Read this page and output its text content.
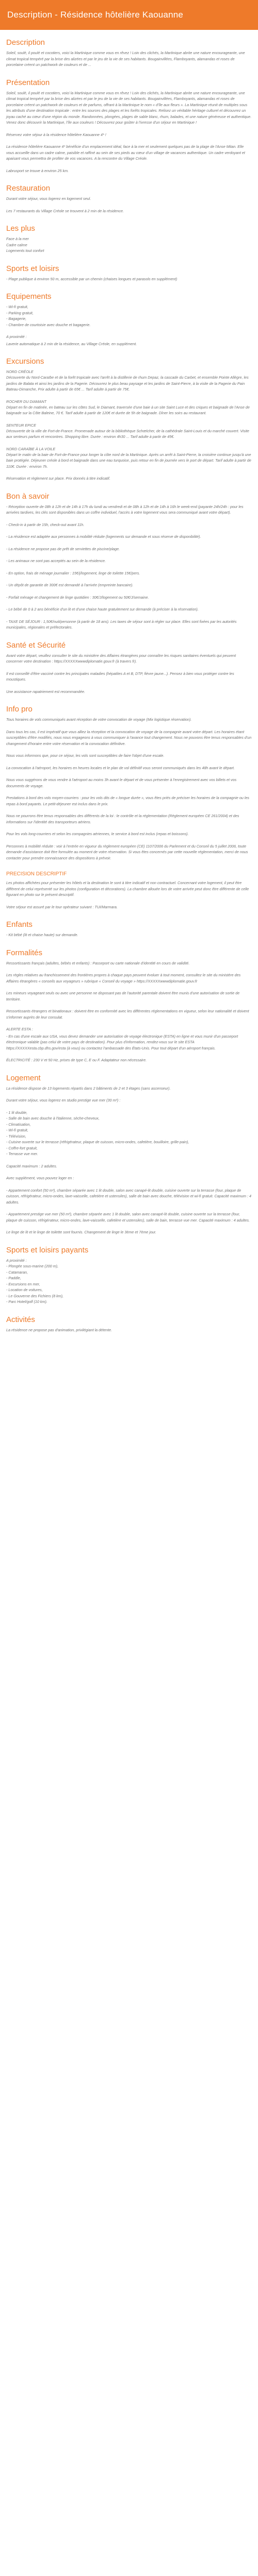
Description - Résidence hôtelière Kaouanne
Description

Soleil, soulé, il poulé et cocotiers, voici la Martinique comme vous en rêvez ! Loin des clichés, la Martinique abrite une nature encourageante, une climat tropical tempéré par la brise des alizées et par le jeu de la vie de ses habitants. Bougainvillées, Flamboyants, alamandas et roses de porcelaine créent un patchwork de couleurs et de ...

Présentation

Soleil, soulé, il poulé et cocotiers, voici la Martinique comme vous en rêvez ! Loin des clichés, la Martinique abrite une nature encourageante, une climat tropical tempéré par la brise des alizées et par le jeu de la vie de ses habitants. Bougainvillées, Flamboyants, alamandas et roses de porcelaine créent un patchwork de couleurs et de parfums, offrant à la Martinique le nom « d'île aux fleurs ». La Martinique réunit de multiples sous les attributs d'une destination tropicale : entre les sources des plages et les forêts tropicales. Relisez un véritable héritage culturel et découvrez un joyau caché au cœur d'une région du monde. Randonnées, plongées, plages de sable blanc, rhum, balades, et une nature généreuse et authentique. Venez donc découvrir la Martinique, l'île aux couleurs ! Découvrez pour goûter à l'ivresse d'un séjour en Martinique !

Réservez votre séjour à la résidence hôtelière Kaouanne 4* !

La résidence hôtelière Kaouanne 4* bénéficie d'un emplacement idéal, face à la mer et seulement quelques pas de la plage de l'Anse Mitan. Elle vous accueille dans un cadre calme, paisible et raffiné au sein de ses pieds au cœur d'un village de vacances authentique. Un cadre verdoyant et apaisant vous permettra de profiter de vos vacances. A la rencontre du Village Créole.

Labrusport se trouve à environ 25 km.

Restauration

Durant votre séjour, vous logerez en logement seul.

Les 7 restaurants du Village Créole se trouvent à 2 min de la résidence.

Les plus
Face à la mer
Cadre calme
Logements tout confort
Sports et loisirs
- Plage publique à environ 50 m, accessible par un chemin (chaises longues et parasols en supplément)
Equipements
- Wi-fi gratuit,
- Parking gratuit,
- Bagagerie,
- Chambre de courtoisie avec douche et bagagerie.

A proximité :

Laverie automatique à 2 min de la résidence, au Village Créole, en supplément.

Excursions
NORD CRÉOLE

Découverte du Nord-Caraïbe et de la forêt tropicale avec l'arrêt à la distillerie de rhum Depaz, la cascade du Carbet, et ensemble Pointe Allègre, les jardins de Balata et ainsi les jardins de la Pagerie. Découvrez le plus beau paysage et les jardins de Saint-Pierre, à la visite de la Pagerie du Pain Bateau-Dimanche, Prix adulte à partir de 65€ ... Tarif adulte à partir de 75€.

ROCHER DU DIAMANT

Départ en fin de matinée, en bateau sur les côtes Sud, le Diamant, traversée d'une baie à un site Saint Luce et des criques et baignade de l'Anse de baignade sur la Côte Baleine, 70 €. Tarif adulte à partir de 120€ et durée de 5h de baignade. Dîner les soirs au restaurant.

SENTEUR EPICE

Découverte de la ville de Fort-de-France. Promenade autour de la bibliothèque Schœlcher, de la cathédrale Saint-Louis et du marché couvert. Visite aux senteurs parfum et rencontres. Shopping libre. Durée : environ 4h30 ... Tarif adulte à partir de 45€.

NORD CARAÏBE À LA VOILE

Départ le matin de la baie de Fort-de-France pour longer la côte nord de la Martinique. Après un arrêt à Saint-Pierre, la croisière continue jusqu'à une baie protégée. Déjeuner créole à bord et baignade dans une eau turquoise, puis retour en fin de journée vers le port de départ. Tarif adulte à partir de 110€. Durée : environ 7h.

Réservation et règlement sur place. Prix donnés à titre indicatif.

Bon à savoir

- Réception ouverte de 08h à 12h et de 14h à 17h du lundi au vendredi et de 08h à 12h et de 14h à 16h le week-end (payante 24h/24h : pour les arrivées tardives, les clés sont disponibles dans un coffre individuel, l'accès à votre logement vous sera communiqué avant votre départ).

- Check-in à partir de 15h, check-out avant 11h.

- La résidence est adaptée aux personnes à mobilité réduite (logements sur demande et sous réserve de disponibilité).

- La résidence ne propose pas de prêt de serviettes de piscine/plage.

- Les animaux ne sont pas acceptés au sein de la résidence.

- En option, frais de ménage journalier : 15€/j/logement, linge de toilette 15€/pers.

- Un dépôt de garantie de 300€ est demandé à l'arrivée (empreinte bancaire).

- Forfait ménage et changement de linge quotidien : 30€/J/logement ou 50€/J/semaine.

- Le bébé de 0 à 2 ans bénéficie d'un lit et d'une chaise haute gratuitement sur demande (à préciser à la réservation).

- TAXE DE SÉJOUR : 1,50€/nuit/personne (à partir de 18 ans). Les taxes de séjour sont à régler sur place. Elles sont fixées par les autorités municipales, régionales et préfectorales.

Santé et Sécurité

Avant votre départ, veuillez consulter le site du ministère des Affaires étrangères pour connaître les risques sanitaires éventuels qui peuvent concerner votre destination : https://XXXXXwwwdiplomatie.gouv.fr (à travers fr).

Il est conseillé d'être vacciné contre les principales maladies (hépatites A et B, DTP, fièvre jaune...). Pensez à bien vous protéger contre les moustiques.

Une assistance rapatriement est recommandée.

Info pro

Tous horaires de vols communiqués avant réception de votre convocation de voyage (Mix logistique réservation).

Dans tous les cas, il est impératif que vous alliez la réception et la convocation de voyage de la compagnie avant votre départ. Les horaires étant susceptibles d'être modifiés, nous nous engageons à vous communiquer à l'avance tout changement. Nous ne pouvons être tenus responsables d'un changement d'horaire entre votre réservation et la convocation définitive.

Nous vous informons que, pour ce séjour, les vols sont susceptibles de faire l'objet d'une escale.

La convocation à l'aéroport, les horaires en heures locales et le plan de vol définitif vous seront communiqués dans les 48h avant le départ.

Nous vous suggérons de vous rendre à l'aéroport au moins 3h avant le départ et de vous présenter à l'enregistrement avec vos billets et vos documents de voyage.

Prestations à bord des vols moyen-courriers : pour les vols dits de « longue durée », vous êtes priés de préciser les horaires de la compagnie ou les repas à bord payants. Le petit-déjeuner est inclus dans le prix.

Nous ne pourrons être tenus responsables des différents de la loi : le contrôle et la réglementation (Règlement européen CE 261/2004) et des informations sur l'identité des transporteurs aériens.

Pour les vols long-courriers et selon les compagnies aériennes, le service à bord est inclus (repas et boissons).

Personnes à mobilité réduite : voir à l'entrée en vigueur du règlement européen (CE) 1107/2006 du Parlement et du Conseil du 5 juillet 2006, toute demande d'assistance doit être formulée au moment de votre réservation. Si vous êtes concernés par cette nouvelle réglementation, merci de nous contacter pour prendre connaissance des dispositions à prévoir.

PRECISION DESCRIPTIF

Les photos affichées pour présenter les hôtels et la destination le sont à titre indicatif et non contractuel. Concernant votre logement, il peut être différent de celui représenté sur les photos (configuration et décorations). La chambre allouée lors de votre arrivée peut donc être différente de celle figurant en photo sur le présent descriptif.

Votre séjour est assuré par le tour opérateur suivant : TUI/Marmara.

Enfants

- Kit bébé (lit et chaise haute) sur demande.

Formalités

Ressortissants français (adultes, bébés et enfants) : Passeport ou carte nationale d'identité en cours de validité.

Les règles relatives au franchissement des frontières propres à chaque pays peuvent évoluer à tout moment, consultez le site du ministère des Affaires étrangères « conseils aux voyageurs » rubrique « Conseil du voyage » https://XXXXXwwwdiplomatie.gouv.fr

Les mineurs voyageant seuls ou avec une personne ne disposant pas de l'autorité parentale doivent être munis d'une autorisation de sortie de territoire.

Ressortissants étrangers et binationaux : doivent être en conformité avec les différentes réglementations en vigueur, selon leur nationalité et doivent s'informer auprès de leur consulat.

ALERTE ESTA :

- En cas d'une escale aux USA, vous devez demander une autorisation de voyage électronique (ESTA) en ligne et vous munir d'un passeport électronique valable (pas celui de votre pays de destination). Pour plus d'information, rendez-vous sur le site ESTA https://XXXXXesta.cbp.dhs.gov/esta (à vous) ou contactez l'ambassade des États-Unis. Pour tout départ d'un aéroport français.

ÉLECTRICITÉ : 230 V et 50 Hz, prises de type C, E ou F. Adaptateur non nécessaire.

Logement

La résidence dispose de 13 logements répartis dans 2 bâtiments de 2 et 3 étages (sans ascenseur).

Durant votre séjour, vous logerez en studio prestige vue mer (30 m²) :

- 1 lit double,
- Salle de bain avec douche à l'italienne, sèche-cheveux,
- Climatisation,
- Wi-fi gratuit,
- Télévision,
- Cuisine ouverte sur le terrasse (réfrigérateur, plaque de cuisson, micro-ondes, cafetière, bouilloire, grille-pain),
- Coffre-fort gratuit,
- Terrasse vue mer.

Capacité maximum : 2 adultes.

Avec supplément, vous pouvez loger en :

- Appartement confort (50 m²), chambre séparée avec 1 lit double, salon avec canapé-lit double, cuisine ouverte sur la terrasse (four, plaque de cuisson, réfrigérateur, micro-ondes, lave-vaisselle, cafetière et ustensiles), salle de bain avec douche, télévision et wi-fi gratuit. Capacité maximum : 4 adultes.

- Appartement prestige vue mer (50 m²), chambre séparée avec 1 lit double, salon avec canapé-lit double, cuisine ouverte sur la terrasse (four, plaque de cuisson, réfrigérateur, micro-ondes, lave-vaisselle, cafetière et ustensiles), salle de bain, terrasse vue mer. Capacité maximum : 4 adultes.

Le linge de lit et le linge de toilette sont fournis. Changement de linge le 3ème et 7ème jour.

Sports et loisirs payants
A proximité :
- Plongée sous-marine (200 m),
- Catamaran,
- Paddle,
- Excursions en mer,
- Location de voitures,
- Le Gouverne des Fichiers (8 km),
- Parc Hotel/golf (10 km).
Activités

La résidence ne propose pas d'animation, privilégiant la détente.
